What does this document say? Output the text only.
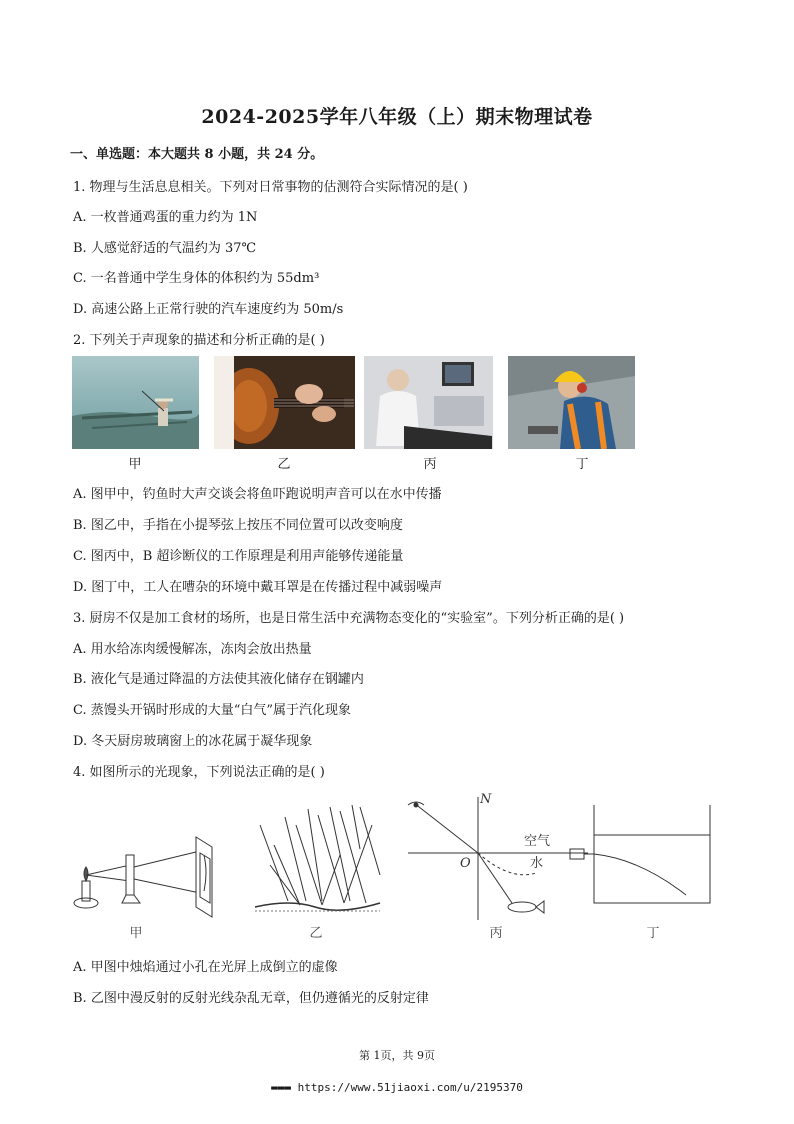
2024-2025学年八年级（上）期末物理试卷
一、单选题：本大题共 8 小题，共 24 分。
1. 物理与生活息息相关。下列对日常事物的估测符合实际情况的是( )
A. 一枚普通鸡蛋的重力约为 1N
B. 人感觉舒适的气温约为 37℃
C. 一名普通中学生身体的体积约为 55dm³
D. 高速公路上正常行驶的汽车速度约为 50m/s
2. 下列关于声现象的描述和分析正确的是( )
甲	乙	丙	丁
A. 图甲中，钓鱼时大声交谈会将鱼吓跑说明声音可以在水中传播
B. 图乙中，手指在小提琴弦上按压不同位置可以改变响度
C. 图丙中，B 超诊断仪的工作原理是利用声能够传递能量
D. 图丁中，工人在嘈杂的环境中戴耳罩是在传播过程中减弱噪声
3. 厨房不仅是加工食材的场所，也是日常生活中充满物态变化的“实验室”。下列分析正确的是( )
A. 用水给冻肉缓慢解冻，冻肉会放出热量
B. 液化气是通过降温的方法使其液化储存在钢罐内
C. 蒸馒头开锅时形成的大量“白气”属于汽化现象
D. 冬天厨房玻璃窗上的冰花属于凝华现象
4. 如图所示的光现象，下列说法正确的是( )
N
O
空气
水
甲	乙	丙	丁
A. 甲图中烛焰通过小孔在光屏上成倒立的虚像
B. 乙图中漫反射的反射光线杂乱无章，但仍遵循光的反射定律
第 1页，共 9页
▬▬▬ https://www.51jiaoxi.com/u/2195370
